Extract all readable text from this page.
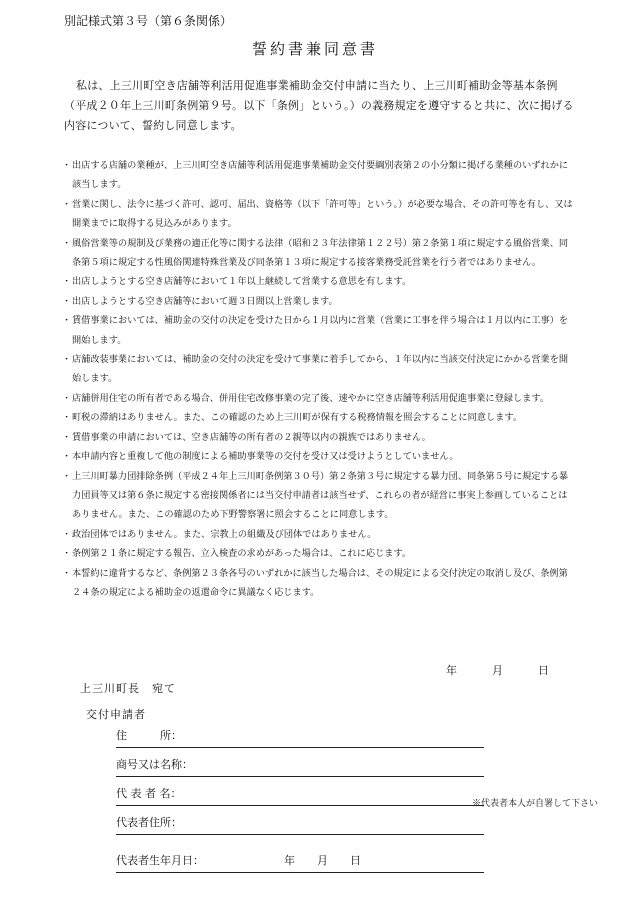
別記様式第３号（第６条関係）
誓約書兼同意書
私は、上三川町空き店舗等利活用促進事業補助金交付申請に当たり、上三川町補助金等基本条例（平成２０年上三川町条例第９号。以下「条例」という。）の義務規定を遵守すると共に、次に掲げる内容について、誓約し同意します。
・ 出店する店舗の業種が、上三川町空き店舗等利活用促進事業補助金交付要綱別表第２の小分類に掲げる業種のいずれかに該当します。
・ 営業に関し、法令に基づく許可、認可、届出、資格等（以下「許可等」という。）が必要な場合、その許可等を有し、又は開業までに取得する見込みがあります。
・ 風俗営業等の規制及び業務の適正化等に関する法律（昭和２３年法律第１２２号）第２条第１項に規定する風俗営業、同条第５項に規定する性風俗関連特殊営業及び同条第１３項に規定する接客業務受託営業を行う者ではありません。
・ 出店しようとする空き店舗等において１年以上継続して営業する意思を有します。
・ 出店しようとする空き店舗等において週３日間以上営業します。
・ 賃借事業においては、補助金の交付の決定を受けた日から１月以内に営業（営業に工事を伴う場合は１月以内に工事）を開始します。
・ 店舗改装事業においては、補助金の交付の決定を受けて事業に着手してから、１年以内に当該交付決定にかかる営業を開始します。
・ 店舗併用住宅の所有者である場合、併用住宅改修事業の完了後、速やかに空き店舗等利活用促進事業に登録します。
・ 町税の滞納はありません。また、この確認のため上三川町が保有する税務情報を照会することに同意します。
・ 賃借事業の申請においては、空き店舗等の所有者の２親等以内の親族ではありません。
・ 本申請内容と重複して他の制度による補助事業等の交付を受け又は受けようとしていません。
・ 上三川町暴力団排除条例（平成２４年上三川町条例第３０号）第２条第３号に規定する暴力団、同条第５号に規定する暴力団員等又は第６条に規定する密接関係者には当交付申請者は該当せず、これらの者が経営に事実上参画していることはありません。また、この確認のため下野警察署に照会することに同意します。
・ 政治団体ではありません。また、宗教上の組織及び団体ではありません。
・ 条例第２１条に規定する報告、立入検査の求めがあった場合は、これに応じます。
・ 本誓約に違背するなど、条例第２３条各号のいずれかに該当した場合は、その規定による交付決定の取消し及び、条例第２４条の規定による補助金の返還命令に異議なく応じます。
年	月	日
上三川町長　宛て
交付申請者
住　　　所：
商号又は名称：
代 表 者 名：
※代表者本人が自署して下さい
代表者住所：
代表者生年月日：	年　　月　　日
